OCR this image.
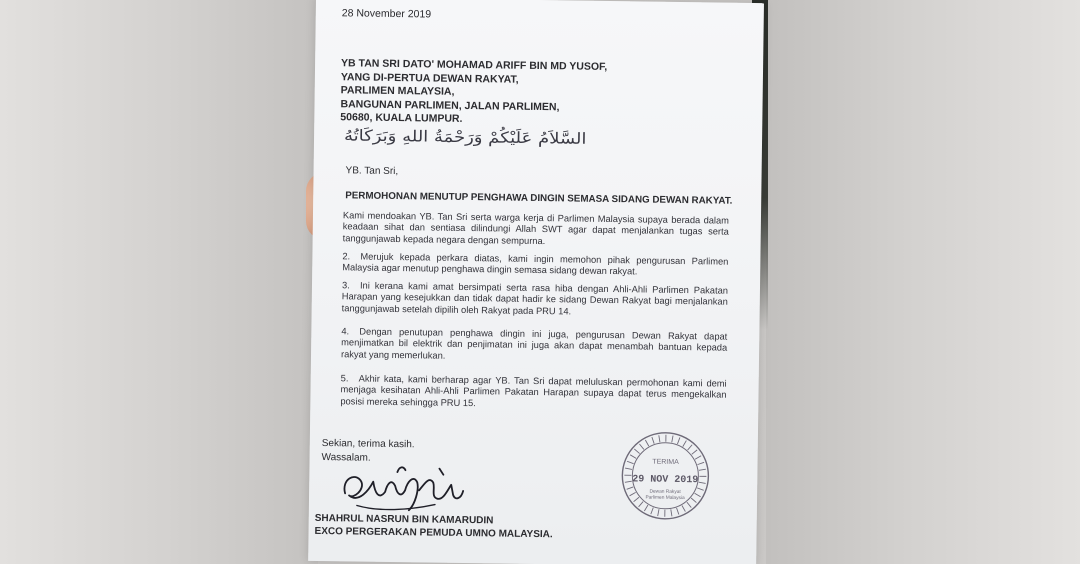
28 November 2019
YB TAN SRI DATO' MOHAMAD ARIFF BIN MD YUSOF,
YANG DI-PERTUA DEWAN RAKYAT,
PARLIMEN MALAYSIA,
BANGUNAN PARLIMEN, JALAN PARLIMEN,
50680, KUALA LUMPUR.
السَّلاَمُ عَلَيْكُمْ وَرَحْمَةُ اللهِ وَبَرَكَاتُهُ
YB. Tan Sri,
PERMOHONAN MENUTUP PENGHAWA DINGIN SEMASA SIDANG DEWAN RAKYAT.
Kami mendoakan YB. Tan Sri serta warga kerja di Parlimen Malaysia supaya berada dalam keadaan sihat dan sentiasa dilindungi Allah SWT agar dapat menjalankan tugas serta tanggunjawab kepada negara dengan sempurna.
2. Merujuk kepada perkara diatas, kami ingin memohon pihak pengurusan Parlimen Malaysia agar menutup penghawa dingin semasa sidang dewan rakyat.
3. Ini kerana kami amat bersimpati serta rasa hiba dengan Ahli-Ahli Parlimen Pakatan Harapan yang kesejukkan dan tidak dapat hadir ke sidang Dewan Rakyat bagi menjalankan tanggunjawab setelah dipilih oleh Rakyat pada PRU 14.
4. Dengan penutupan penghawa dingin ini juga, pengurusan Dewan Rakyat dapat menjimatkan bil elektrik dan penjimatan ini juga akan dapat menambah bantuan kepada rakyat yang memerlukan.
5. Akhir kata, kami berharap agar YB. Tan Sri dapat meluluskan permohonan kami demi menjaga kesihatan Ahli-Ahli Parlimen Pakatan Harapan supaya dapat terus mengekalkan posisi mereka sehingga PRU 15.
Sekian, terima kasih.
Wassalam.
SHAHRUL NASRUN BIN KAMARUDIN
EXCO PERGERAKAN PEMUDA UMNO MALAYSIA.
TERIMA
29 NOV 2019
Dewan Rakyat
Parlimen Malaysia
